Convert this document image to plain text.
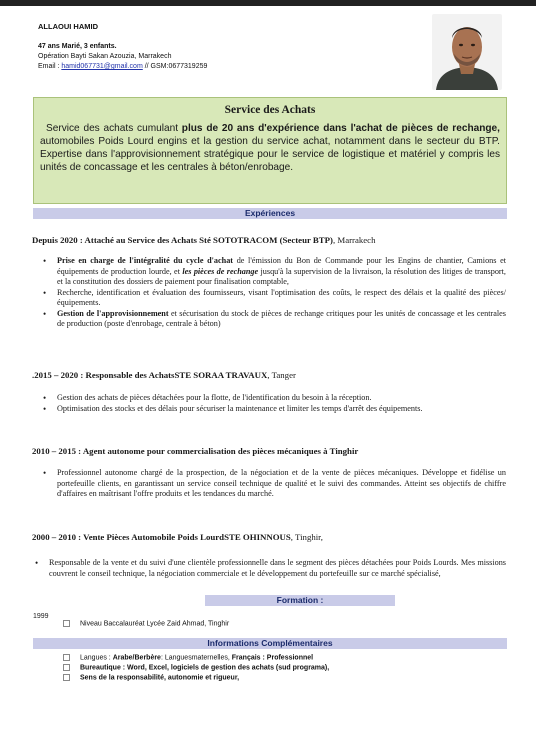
ALLAOUI HAMID
47 ans Marié, 3 enfants.
Opération Bayti Sakan Azouzia, Marrakech
Email : hamid067731@gmail.com // GSM:0677319259
Service des Achats
Service des achats cumulant plus de 20 ans d'expérience dans l'achat de pièces de rechange, automobiles Poids Lourd engins et la gestion du service achat, notamment dans le secteur du BTP. Expertise dans l'approvisionnement stratégique pour le service de logistique et matériel y compris les unités de concassage et les centrales à béton/enrobage.
Expériences
Depuis 2020 : Attaché au Service des Achats Sté SOTOTRACOM (Secteur BTP), Marrakech
• Prise en charge de l'intégralité du cycle d'achat de l'émission du Bon de Commande pour les Engins de chantier, Camions et équipements de production lourde, et les pièces de rechange jusqu'à la supervision de la livraison, la résolution des litiges de transport, et la constitution des dossiers de paiement pour finalisation comptable,
• Recherche, identification et évaluation des fournisseurs, visant l'optimisation des coûts, le respect des délais et la qualité des pièces/équipements.
• Gestion de l'approvisionnement et sécurisation du stock de pièces de rechange critiques pour les unités de concassage et les centrales de production (poste d'enrobage, centrale à béton)
.2015 – 2020 : Responsable des AchatsSTE SORAA TRAVAUX, Tanger
• Gestion des achats de pièces détachées pour la flotte, de l'identification du besoin à la réception.
• Optimisation des stocks et des délais pour sécuriser la maintenance et limiter les temps d'arrêt des équipements.
2010 – 2015 : Agent autonome pour commercialisation des pièces mécaniques à Tinghir
• Professionnel autonome chargé de la prospection, de la négociation et de la vente de pièces mécaniques. Développe et fidélise un portefeuille clients, en garantissant un service conseil technique de qualité et le suivi des commandes. Atteint ses objectifs de chiffre d'affaires en maîtrisant l'offre produits et les tendances du marché.
2000 – 2010 : Vente Pièces Automobile Poids LourdSTE OHINNOUS, Tinghir,
• Responsable de la vente et du suivi d'une clientèle professionnelle dans le segment des pièces détachées pour Poids Lourds. Mes missions couvrent le conseil technique, la négociation commerciale et le développement du portefeuille sur ce marché spécialisé,
Formation :
1999
Niveau Baccalauréat Lycée Zaid Ahmad, Tinghir
Informations Complémentaires
Langues : Arabe/Berbère: Languesmaternelles, Français : Professionnel
Bureautique : Word, Excel, logiciels de gestion des achats (sud programa),
Sens de la responsabilité, autonomie et rigueur,
